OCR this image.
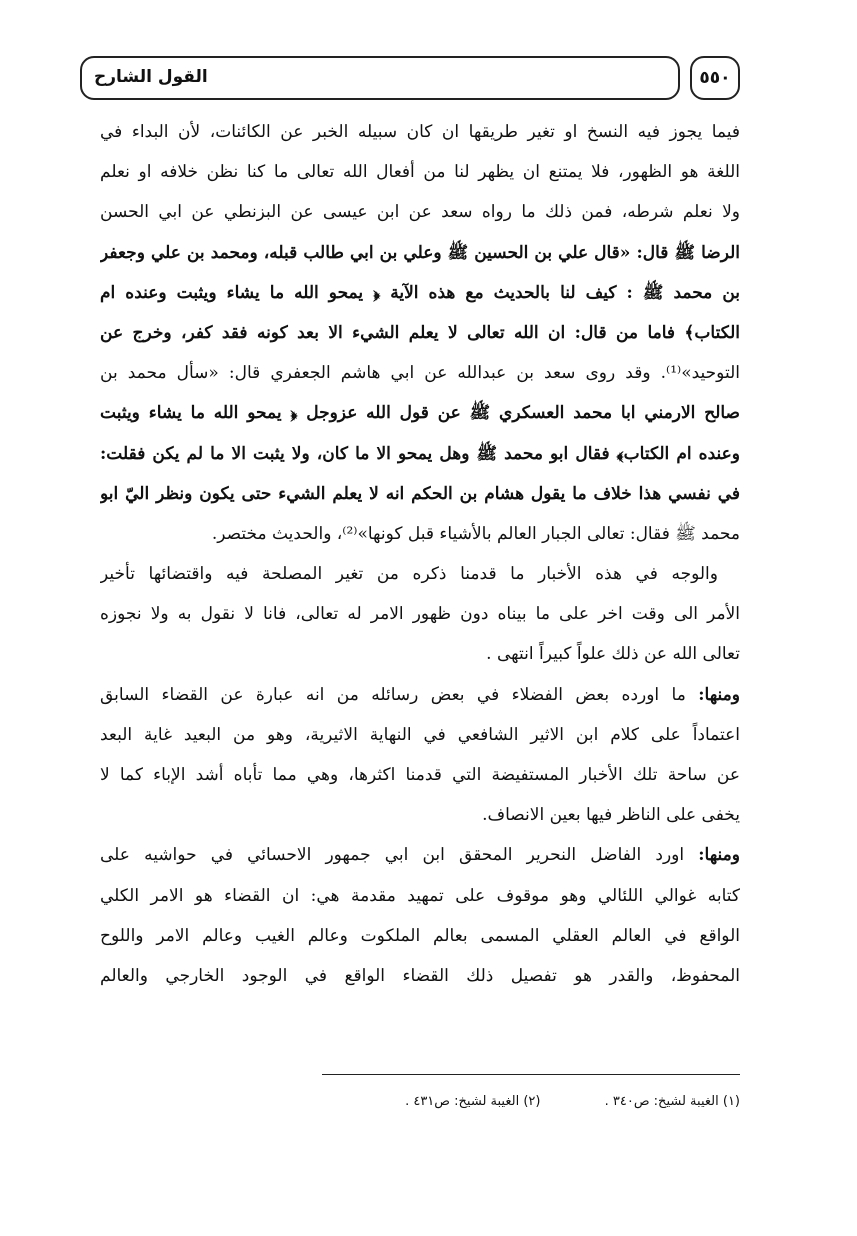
القول الشارح	٥٥٠
فيما يجوز فيه النسخ او تغير طريقها ان كان سبيله الخبر عن الكائنات، لأن البداء في
اللغة هو الظهور، فلا يمتنع ان يظهر لنا من أفعال الله تعالى ما كنا نظن خلافه او نعلم
ولا نعلم شرطه، فمن ذلك ما رواه سعد عن ابن عيسى عن البزنطي عن ابي الحسن
الرضا ﷺ قال: «قال علي بن الحسين ﷺ وعلي بن ابي طالب قبله، ومحمد بن علي وجعفر
بن محمد ﷺ : كيف لنا بالحديث مع هذه الآية ﴿ يمحو الله ما يشاء ويثبت وعنده ام
الكتاب﴾ فاما من قال: ان الله تعالى لا يعلم الشيء الا بعد كونه فقد كفر، وخرج عن
التوحيد»⁽¹⁾. وقد روى سعد بن عبدالله عن ابي هاشم الجعفري قال: «سأل محمد بن
صالح الارمني ابا محمد العسكري ﷺ عن قول الله عزوجل ﴿ يمحو الله ما يشاء ويثبت
وعنده ام الكتاب﴾ فقال ابو محمد ﷺ وهل يمحو الا ما كان، ولا يثبت الا ما لم يكن فقلت:
في نفسي هذا خلاف ما يقول هشام بن الحكم انه لا يعلم الشيء حتى يكون ونظر اليّ ابو
محمد ﷺ فقال: تعالى الجبار العالم بالأشياء قبل كونها»⁽²⁾، والحديث مختصر.
والوجه في هذه الأخبار ما قدمنا ذكره من تغير المصلحة فيه واقتضائها تأخير
الأمر الى وقت اخر على ما بيناه دون ظهور الامر له تعالى، فانا لا نقول به ولا نجوزه
تعالى الله عن ذلك علواً كبيراً انتهى .
ومنها: ما اورده بعض الفضلاء في بعض رسائله من انه عبارة عن القضاء السابق
اعتماداً على كلام ابن الاثير الشافعي في النهاية الاثيرية، وهو من البعيد غاية البعد
عن ساحة تلك الأخبار المستفيضة التي قدمنا اكثرها، وهي مما تأباه أشد الإباء كما لا
يخفى على الناظر فيها بعين الانصاف.
ومنها: اورد الفاضل النحرير المحقق ابن ابي جمهور الاحسائي في حواشيه على
كتابه غوالي اللئالي وهو موقوف على تمهيد مقدمة هي: ان القضاء هو الامر الكلي
الواقع في العالم العقلي المسمى بعالم الملكوت وعالم الغيب وعالم الامر واللوح
المحفوظ، والقدر هو تفصيل ذلك القضاء الواقع في الوجود الخارجي والعالم
(١) الغيبة لشيخ: ص٣٤٠ . (٢) الغيبة لشيخ: ص٤٣١ .
